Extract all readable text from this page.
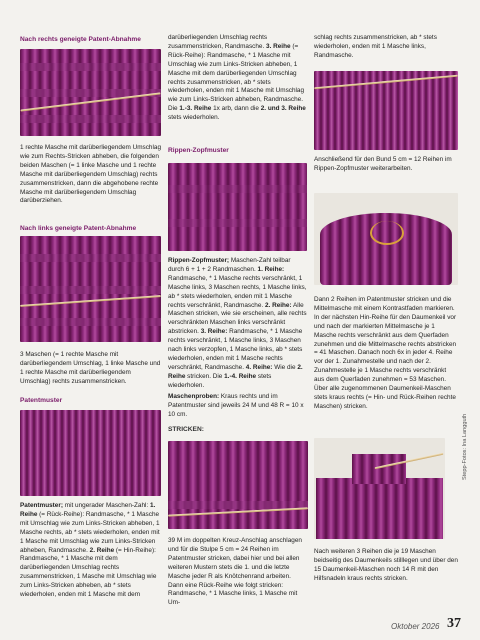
Nach rechts geneigte Patent-Abnahme

1 rechte Masche mit darüberliegendem Umschlag wie zum Rechts-Stricken abheben, die folgenden beiden Maschen (= 1 linke Masche und 1 rechte Masche mit darüberliegendem Umschlag) rechts zusammenstricken, dann die abgehobene rechte Masche mit darüberliegendem Umschlag darüberziehen.

Nach links geneigte Patent-Abnahme

3 Maschen (= 1 rechte Masche mit darüberliegendem Umschlag, 1 linke Masche und 1 rechte Masche mit darüberliegendem Umschlag) rechts zusammenstricken.

Patentmuster

Patentmuster; mit ungerader Maschen-Zahl: 1. Reihe (= Rück-Reihe): Randmasche, * 1 Masche mit Umschlag wie zum Links-Stricken abheben, 1 Masche rechts, ab * stets wiederholen, enden mit 1 Masche mit Umschlag wie zum Links-Stricken abheben, Randmasche. 2. Reihe (= Hin-Reihe): Randmasche, * 1 Masche mit dem darüberliegenden Umschlag rechts zusammenstricken, 1 Masche mit Umschlag wie zum Links-Stricken abheben, ab * stets wiederholen, enden mit 1 Masche mit dem

darüberliegenden Umschlag rechts zusammenstricken, Randmasche. 3. Reihe (= Rück-Reihe): Randmasche, * 1 Masche mit Umschlag wie zum Links-Stricken abheben, 1 Masche mit dem darüberliegenden Umschlag rechts zusammenstricken, ab * stets wiederholen, enden mit 1 Masche mit Umschlag wie zum Links-Stricken abheben, Randmasche. Die 1.-3. Reihe 1x arb, dann die 2. und 3. Reihe stets wiederholen.

Rippen-Zopfmuster

Rippen-Zopfmuster; Maschen-Zahl teilbar durch 6 + 1 + 2 Randmaschen. 1. Reihe: Randmasche, * 1 Masche rechts verschränkt, 1 Masche links, 3 Maschen rechts, 1 Masche links, ab * stets wiederholen, enden mit 1 Masche rechts verschränkt, Randmasche. 2. Reihe: Alle Maschen stricken, wie sie erscheinen, alle rechts verschränkten Maschen links verschränkt abstricken. 3. Reihe: Randmasche, * 1 Masche rechts verschränkt, 1 Masche links, 3 Maschen nach links verzopfen, 1 Masche links, ab * stets wiederholen, enden mit 1 Masche rechts verschränkt, Randmasche. 4. Reihe: Wie die 2. Reihe stricken. Die 1.-4. Reihe stets wiederholen.

Maschenproben: Kraus rechts und im Patentmuster sind jeweils 24 M und 48 R = 10 x 10 cm.

STRICKEN:

39 M im doppelten Kreuz-Anschlag anschlagen und für die Stulpe 5 cm = 24 Reihen im Patentmuster stricken, dabei hier und bei allen weiteren Mustern stets die 1. und die letzte Masche jeder R als Knötchenrand arbeiten. Dann eine Rück-Reihe wie folgt stricken: Randmasche, * 1 Masche links, 1 Masche mit Um-

schlag rechts zusammenstricken, ab * stets wiederholen, enden mit 1 Masche links, Randmasche.

Anschließend für den Bund 5 cm = 12 Reihen im Rippen-Zopfmuster weiterarbeiten.

Dann 2 Reihen im Patentmuster stricken und die Mittelmasche mit einem Kontrastfaden markieren. In der nächsten Hin-Reihe für den Daumenkeil vor und nach der markierten Mittelmasche je 1 Masche rechts verschränkt aus dem Querfaden zunehmen und die Mittelmasche rechts abstricken = 41 Maschen. Danach noch 6x in jeder 4. Reihe vor der 1. Zunahmestelle und nach der 2. Zunahmestelle je 1 Masche rechts verschränkt aus dem Querfaden zunehmen = 53 Maschen. Über alle zugenommenen Daumenkeil-Maschen stets kraus rechts (= Hin- und Rück-Reihen rechte Maschen) stricken.

Stepp-Fotos: Ina Langguth

Nach weiteren 3 Reihen die je 19 Maschen beidseitig des Daumenkeils stilllegen und über den 15 Daumenkeil-Maschen noch 14 R mit den Hilfsnadeln kraus rechts stricken.

Oktober 2026 37
